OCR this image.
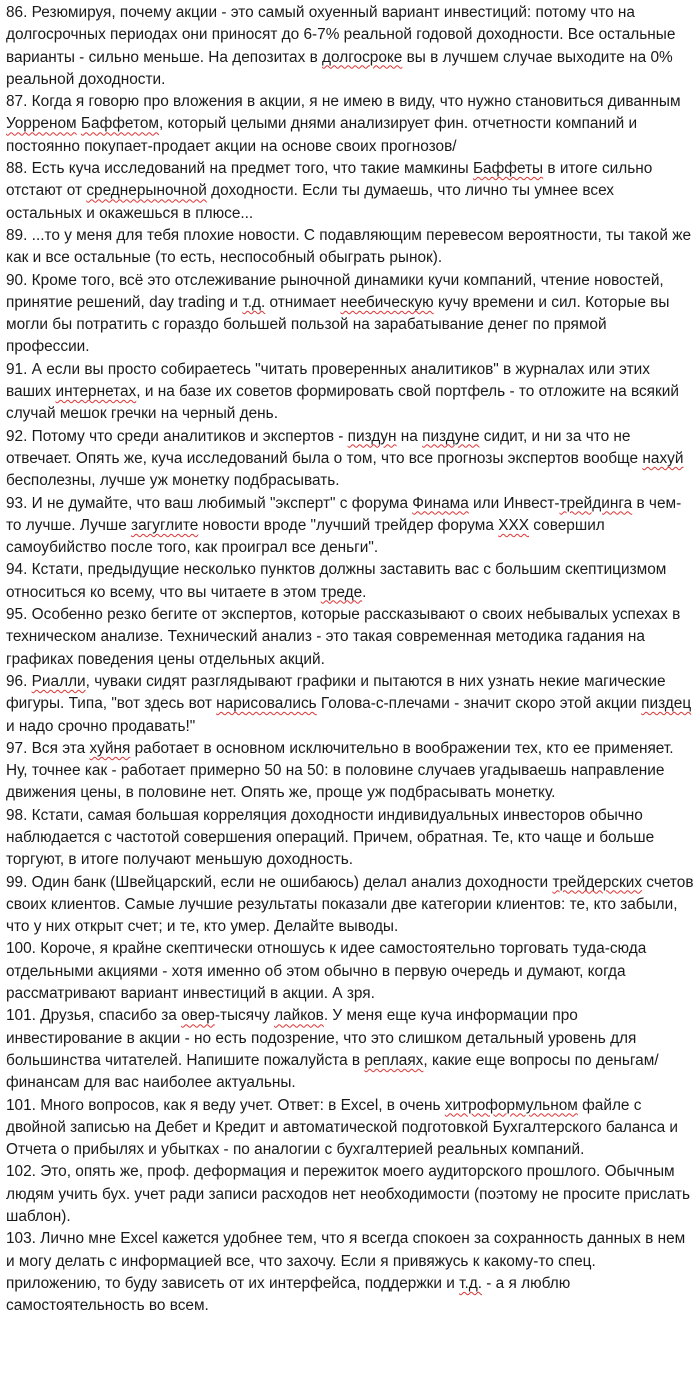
86. Резюмируя, почему акции - это самый охуенный вариант инвестиций: потому что на долгосрочных периодах они приносят до 6-7% реальной годовой доходности. Все остальные варианты - сильно меньше. На депозитах в долгосроке вы в лучшем случае выходите на 0% реальной доходности.

87. Когда я говорю про вложения в акции, я не имею в виду, что нужно становиться диванным Уорреном Баффетом, который целыми днями анализирует фин. отчетности компаний и постоянно покупает-продает акции на основе своих прогнозов/

88. Есть куча исследований на предмет того, что такие мамкины Баффеты в итоге сильно отстают от среднерыночной доходности. Если ты думаешь, что лично ты умнее всех остальных и окажешься в плюсе...

89. ...то у меня для тебя плохие новости. С подавляющим перевесом вероятности, ты такой же как и все остальные (то есть, неспособный обыграть рынок).

90. Кроме того, всё это отслеживание рыночной динамики кучи компаний, чтение новостей, принятие решений, day trading и т.д. отнимает неебическую кучу времени и сил. Которые вы могли бы потратить с гораздо большей пользой на зарабатывание денег по прямой профессии.

91. А если вы просто собираетесь "читать проверенных аналитиков" в журналах или этих ваших интернетах, и на базе их советов формировать свой портфель - то отложите на всякий случай мешок гречки на черный день.

92. Потому что среди аналитиков и экспертов - пиздун на пиздуне сидит, и ни за что не отвечает. Опять же, куча исследований была о том, что все прогнозы экспертов вообще нахуй бесполезны, лучше уж монетку подбрасывать.

93. И не думайте, что ваш любимый "эксперт" с форума Финама или Инвест-трейдинга в чем-то лучше. Лучше загуглите новости вроде "лучший трейдер форума ХХХ совершил самоубийство после того, как проиграл все деньги".

94. Кстати, предыдущие несколько пунктов должны заставить вас с большим скептицизмом относиться ко всему, что вы читаете в этом треде.

95. Особенно резко бегите от экспертов, которые рассказывают о своих небывалых успехах в техническом анализе. Технический анализ - это такая современная методика гадания на графиках поведения цены отдельных акций.

96. Риалли, чуваки сидят разглядывают графики и пытаются в них узнать некие магические фигуры. Типа, "вот здесь вот нарисовались Голова-с-плечами - значит скоро этой акции пиздец и надо срочно продавать!"

97. Вся эта хуйня работает в основном исключительно в воображении тех, кто ее применяет. Ну, точнее как - работает примерно 50 на 50: в половине случаев угадываешь направление движения цены, в половине нет. Опять же, проще уж подбрасывать монетку.

98. Кстати, самая большая корреляция доходности индивидуальных инвесторов обычно наблюдается с частотой совершения операций. Причем, обратная. Те, кто чаще и больше торгуют, в итоге получают меньшую доходность.

99. Один банк (Швейцарский, если не ошибаюсь) делал анализ доходности трейдерских счетов своих клиентов. Самые лучшие результаты показали две категории клиентов: те, кто забыли, что у них открыт счет; и те, кто умер. Делайте выводы.

100. Короче, я крайне скептически отношусь к идее самостоятельно торговать туда-сюда отдельными акциями - хотя именно об этом обычно в первую очередь и думают, когда рассматривают вариант инвестиций в акции. А зря.

101. Друзья, спасибо за овер-тысячу лайков. У меня еще куча информации про инвестирование в акции - но есть подозрение, что это слишком детальный уровень для большинства читателей. Напишите пожалуйста в реплаях, какие еще вопросы по деньгам/финансам для вас наиболее актуальны.

101. Много вопросов, как я веду учет. Ответ: в Excel, в очень хитроформульном файле с двойной записью на Дебет и Кредит и автоматической подготовкой Бухгалтерского баланса и Отчета о прибылях и убытках - по аналогии с бухгалтерией реальных компаний.

102. Это, опять же, проф. деформация и пережиток моего аудиторского прошлого. Обычным людям учить бух. учет ради записи расходов нет необходимости (поэтому не просите прислать шаблон).

103. Лично мне Excel кажется удобнее тем, что я всегда спокоен за сохранность данных в нем и могу делать с информацией все, что захочу. Если я привяжусь к какому-то спец. приложению, то буду зависеть от их интерфейса, поддержки и т.д. - а я люблю самостоятельность во всем.
